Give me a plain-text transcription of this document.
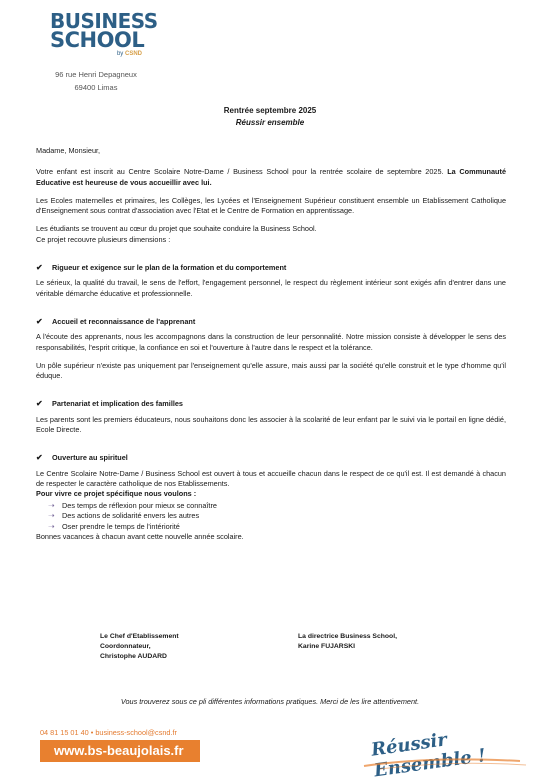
BUSINESS
SCHOOL
by CSND
96 rue Henri Depagneux
69400 Limas
Rentrée septembre 2025
Réussir ensemble

Madame, Monsieur,

Votre enfant est inscrit au Centre Scolaire Notre-Dame / Business School pour la rentrée scolaire de septembre 2025. La Communauté Educative est heureuse de vous accueillir avec lui.

Les Ecoles maternelles et primaires, les Collèges, les Lycées et l'Enseignement Supérieur constituent ensemble un Etablissement Catholique d'Enseignement sous contrat d'association avec l'Etat et le Centre de Formation en apprentissage.

Les étudiants se trouvent au cœur du projet que souhaite conduire la Business School.

Ce projet recouvre plusieurs dimensions :

✔	Rigueur et exigence sur le plan de la formation et du comportement

Le sérieux, la qualité du travail, le sens de l'effort, l'engagement personnel, le respect du règlement intérieur sont exigés afin d'entrer dans une véritable démarche éducative et professionnelle.

✔	Accueil et reconnaissance de l'apprenant

A l'écoute des apprenants, nous les accompagnons dans la construction de leur personnalité. Notre mission consiste à développer le sens des responsabilités, l'esprit critique, la confiance en soi et l'ouverture à l'autre dans le respect et la tolérance.

Un pôle supérieur n'existe pas uniquement par l'enseignement qu'elle assure, mais aussi par la société qu'elle construit et le type d'homme qu'il éduque.

✔	Partenariat et implication des familles

Les parents sont les premiers éducateurs, nous souhaitons donc les associer à la scolarité de leur enfant par le suivi via le portail en ligne dédié, Ecole Directe.

✔	Ouverture au spirituel

Le Centre Scolaire Notre-Dame / Business School est ouvert à tous et accueille chacun dans le respect de ce qu'il est. Il est demandé à chacun de respecter le caractère catholique de nos Etablissements.

Pour vivre ce projet spécifique nous voulons :

➝ Des temps de réflexion pour mieux se connaître
➝ Des actions de solidarité envers les autres
➝ Oser prendre le temps de l'intériorité

Bonnes vacances à chacun avant cette nouvelle année scolaire.

Le Chef d'Etablissement
Coordonnateur,
Christophe AUDARD
La directrice Business School,
Karine FUJARSKI
Vous trouverez sous ce pli différentes informations pratiques. Merci de les lire attentivement.
04 81 15 01 40 • business-school@csnd.fr
www.bs-beaujolais.fr	Réussir Ensemble !
